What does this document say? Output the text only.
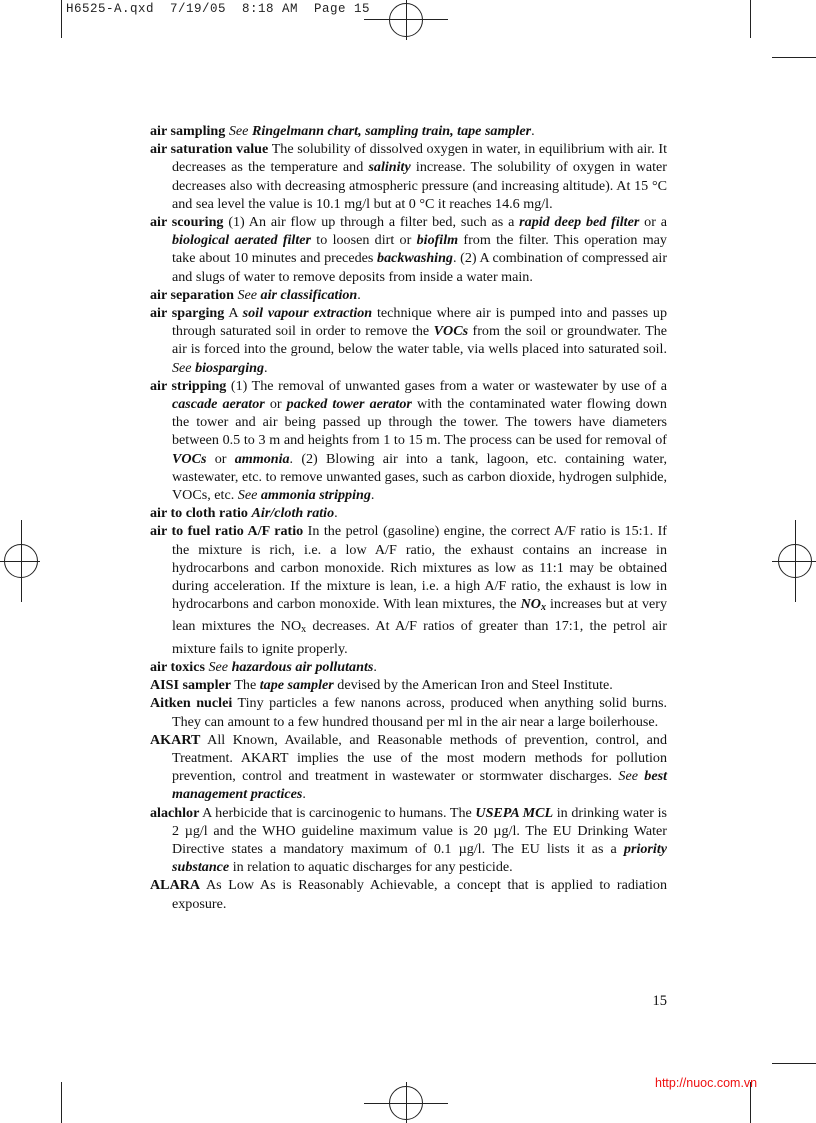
H6525-A.qxd  7/19/05  8:18 AM  Page 15

air sampling See Ringelmann chart, sampling train, tape sampler.

air saturation value The solubility of dissolved oxygen in water, in equilibrium with air. It decreases as the temperature and salinity increase. The solubility of oxygen in water decreases also with decreasing atmospheric pressure (and increasing altitude). At 15 °C and sea level the value is 10.1 mg/l but at 0 °C it reaches 14.6 mg/l.

air scouring (1) An air flow up through a filter bed, such as a rapid deep bed filter or a biological aerated filter to loosen dirt or biofilm from the filter. This operation may take about 10 minutes and precedes backwashing. (2) A combination of compressed air and slugs of water to remove deposits from inside a water main.

air separation See air classification.

air sparging A soil vapour extraction technique where air is pumped into and passes up through saturated soil in order to remove the VOCs from the soil or groundwater. The air is forced into the ground, below the water table, via wells placed into saturated soil. See biosparging.

air stripping (1) The removal of unwanted gases from a water or wastewater by use of a cascade aerator or packed tower aerator with the contaminated water flowing down the tower and air being passed up through the tower. The towers have diameters between 0.5 to 3 m and heights from 1 to 15 m. The process can be used for removal of VOCs or ammonia. (2) Blowing air into a tank, lagoon, etc. containing water, wastewater, etc. to remove unwanted gases, such as carbon dioxide, hydrogen sulphide, VOCs, etc. See ammonia stripping.

air to cloth ratio Air/cloth ratio.

air to fuel ratio A/F ratio In the petrol (gasoline) engine, the correct A/F ratio is 15:1. If the mixture is rich, i.e. a low A/F ratio, the exhaust contains an increase in hydrocarbons and carbon monoxide. Rich mixtures as low as 11:1 may be obtained during acceleration. If the mixture is lean, i.e. a high A/F ratio, the exhaust is low in hydrocarbons and carbon monoxide. With lean mixtures, the $NO_x$ increases but at very lean mixtures the $NO_x$ decreases. At A/F ratios of greater than 17:1, the petrol air mixture fails to ignite properly.

air toxics See hazardous air pollutants.

AISI sampler The tape sampler devised by the American Iron and Steel Institute.

Aitken nuclei Tiny particles a few nanons across, produced when anything solid burns. They can amount to a few hundred thousand per ml in the air near a large boilerhouse.

AKART All Known, Available, and Reasonable methods of prevention, control, and Treatment. AKART implies the use of the most modern methods for pollution prevention, control and treatment in wastewater or stormwater discharges. See best management practices.

alachlor A herbicide that is carcinogenic to humans. The USEPA MCL in drinking water is 2 µg/l and the WHO guideline maximum value is 20 µg/l. The EU Drinking Water Directive states a mandatory maximum of 0.1 µg/l. The EU lists it as a priority substance in relation to aquatic discharges for any pesticide.

ALARA As Low As is Reasonably Achievable, a concept that is applied to radiation exposure.

15
http://nuoc.com.vn
